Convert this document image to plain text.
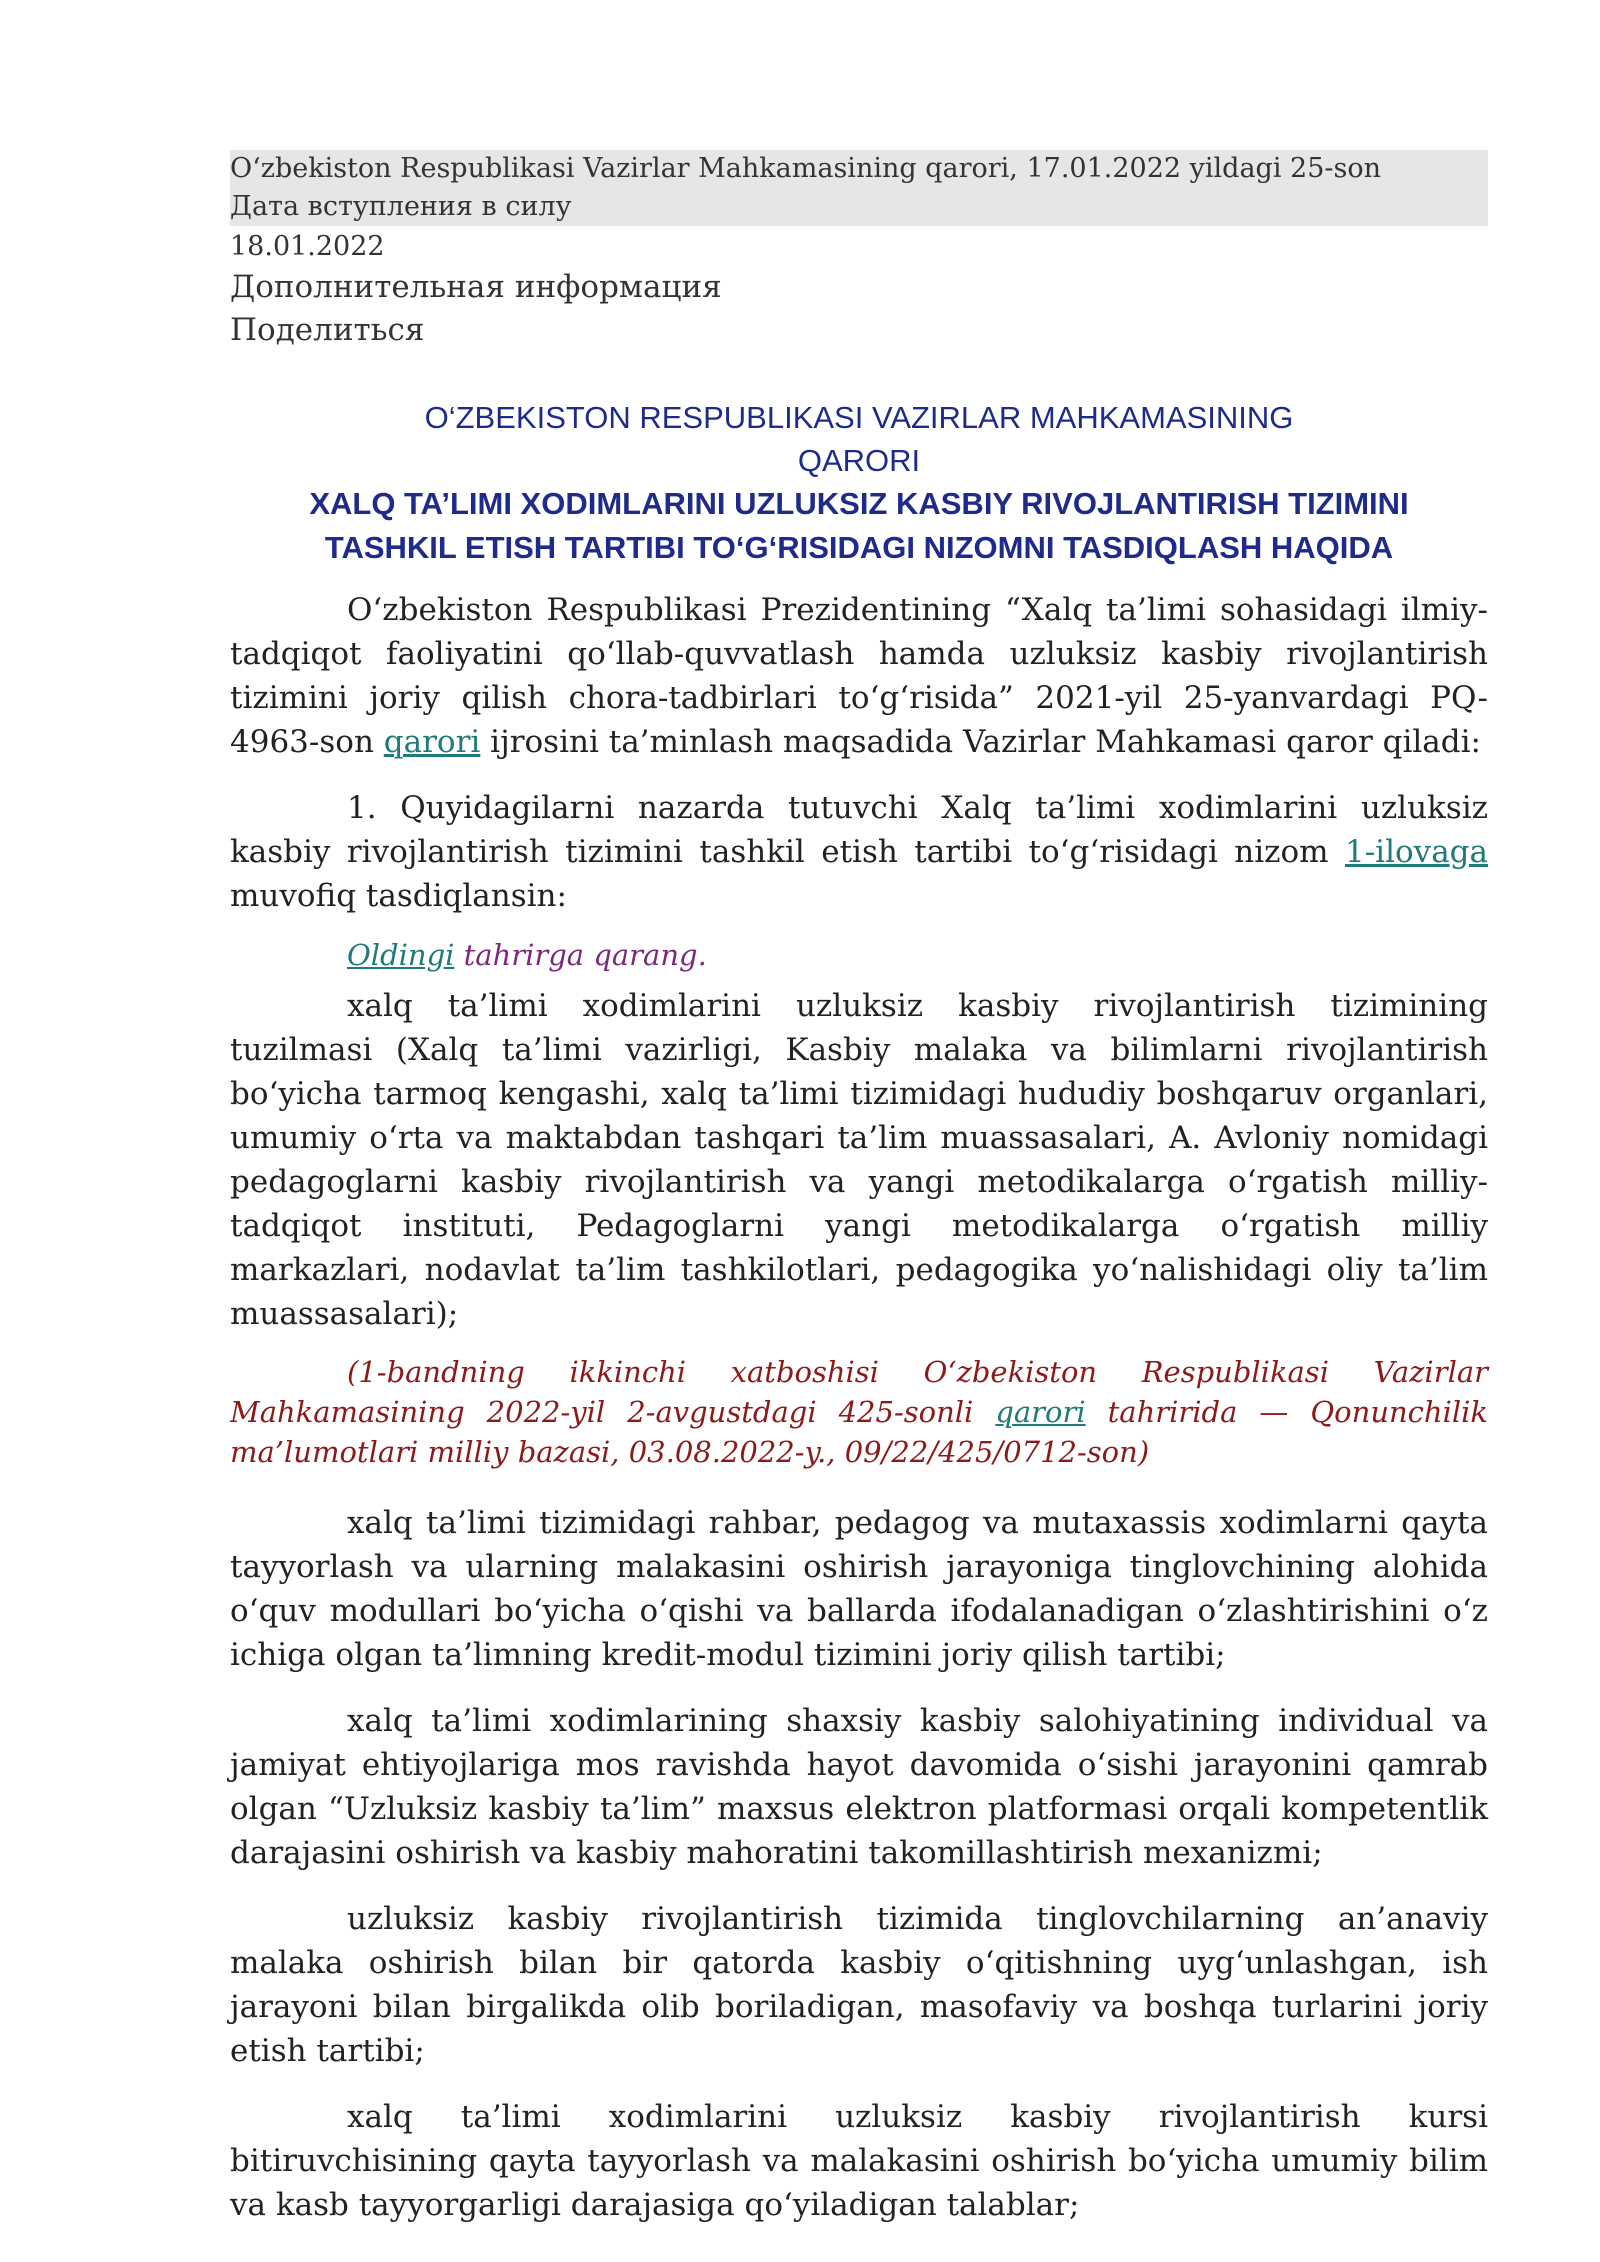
O‘zbekiston Respublikasi Vazirlar Mahkamasining qarori, 17.01.2022 yildagi 25-son
Дата вступления в силу
18.01.2022
Дополнительная информация
Поделиться
O‘ZBEKISTON RESPUBLIKASI VAZIRLAR MAHKAMASINING
QARORI
XALQ TA’LIMI XODIMLARINI UZLUKSIZ KASBIY RIVOJLANTIRISH TIZIMINI
TASHKIL ETISH TARTIBI TO‘G‘RISIDAGI NIZOMNI TASDIQLASH HAQIDA

O‘zbekiston Respublikasi Prezidentining “Xalq ta’limi sohasidagi ilmiy-tadqiqot faoliyatini qo‘llab-quvvatlash hamda uzluksiz kasbiy rivojlantirish tizimini joriy qilish chora-tadbirlari to‘g‘risida” 2021-yil 25-yanvardagi PQ-4963-son qarori ijrosini ta’minlash maqsadida Vazirlar Mahkamasi qaror qiladi:

1. Quyidagilarni nazarda tutuvchi Xalq ta’limi xodimlarini uzluksiz kasbiy rivojlantirish tizimini tashkil etish tartibi to‘g‘risidagi nizom 1-ilovaga muvofiq tasdiqlansin:

Oldingi tahrirga qarang.

xalq ta’limi xodimlarini uzluksiz kasbiy rivojlantirish tizimining tuzilmasi (Xalq ta’limi vazirligi, Kasbiy malaka va bilimlarni rivojlantirish bo‘yicha tarmoq kengashi, xalq ta’limi tizimidagi hududiy boshqaruv organlari, umumiy o‘rta va maktabdan tashqari ta’lim muassasalari, A. Avloniy nomidagi pedagoglarni kasbiy rivojlantirish va yangi metodikalarga o‘rgatish milliy-tadqiqot instituti, Pedagoglarni yangi metodikalarga o‘rgatish milliy markazlari, nodavlat ta’lim tashkilotlari, pedagogika yo‘nalishidagi oliy ta’lim muassasalari);

(1-bandning ikkinchi xatboshisi O‘zbekiston Respublikasi Vazirlar Mahkamasining 2022-yil 2-avgustdagi 425-sonli qarori tahririda — Qonunchilik ma’lumotlari milliy bazasi, 03.08.2022-y., 09/22/425/0712-son)

xalq ta’limi tizimidagi rahbar, pedagog va mutaxassis xodimlarni qayta tayyorlash va ularning malakasini oshirish jarayoniga tinglovchining alohida o‘quv modullari bo‘yicha o‘qishi va ballarda ifodalanadigan o‘zlashtirishini o‘z ichiga olgan ta’limning kredit-modul tizimini joriy qilish tartibi;

xalq ta’limi xodimlarining shaxsiy kasbiy salohiyatining individual va jamiyat ehtiyojlariga mos ravishda hayot davomida o‘sishi jarayonini qamrab olgan “Uzluksiz kasbiy ta’lim” maxsus elektron platformasi orqali kompetentlik darajasini oshirish va kasbiy mahoratini takomillashtirish mexanizmi;

uzluksiz kasbiy rivojlantirish tizimida tinglovchilarning an’anaviy malaka oshirish bilan bir qatorda kasbiy o‘qitishning uyg‘unlashgan, ish jarayoni bilan birgalikda olib boriladigan, masofaviy va boshqa turlarini joriy etish tartibi;

xalq ta’limi xodimlarini uzluksiz kasbiy rivojlantirish kursi bitiruvchisining qayta tayyorlash va malakasini oshirish bo‘yicha umumiy bilim va kasb tayyorgarligi darajasiga qo‘yiladigan talablar;
